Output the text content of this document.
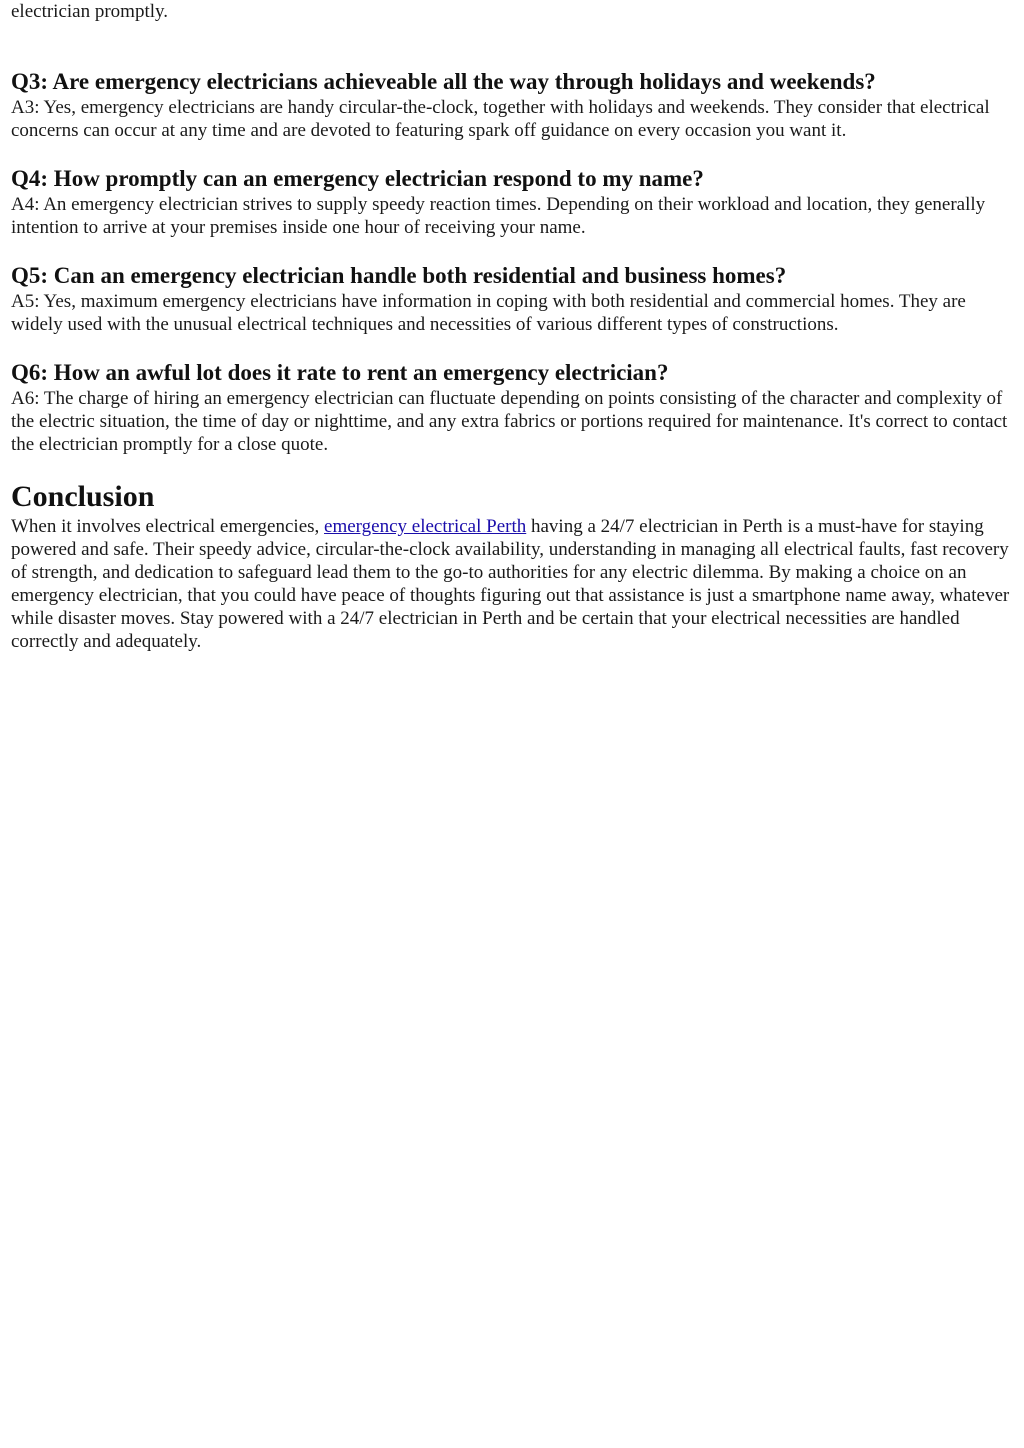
electrician promptly.

Q3: Are emergency electricians achieveable all the way through holidays and weekends?

A3: Yes, emergency electricians are handy circular-the-clock, together with holidays and weekends. They consider that electrical concerns can occur at any time and are devoted to featuring spark off guidance on every occasion you want it.

Q4: How promptly can an emergency electrician respond to my name?

A4: An emergency electrician strives to supply speedy reaction times. Depending on their workload and location, they generally intention to arrive at your premises inside one hour of receiving your name.

Q5: Can an emergency electrician handle both residential and business homes?

A5: Yes, maximum emergency electricians have information in coping with both residential and commercial homes. They are widely used with the unusual electrical techniques and necessities of various different types of constructions.

Q6: How an awful lot does it rate to rent an emergency electrician?

A6: The charge of hiring an emergency electrician can fluctuate depending on points consisting of the character and complexity of the electric situation, the time of day or nighttime, and any extra fabrics or portions required for maintenance. It's correct to contact the electrician promptly for a close quote.

Conclusion

When it involves electrical emergencies, emergency electrical Perth having a 24/7 electrician in Perth is a must-have for staying powered and safe. Their speedy advice, circular-the-clock availability, understanding in managing all electrical faults, fast recovery of strength, and dedication to safeguard lead them to the go-to authorities for any electric dilemma. By making a choice on an emergency electrician, that you could have peace of thoughts figuring out that assistance is just a smartphone name away, whatever while disaster moves. Stay powered with a 24/7 electrician in Perth and be certain that your electrical necessities are handled correctly and adequately.
